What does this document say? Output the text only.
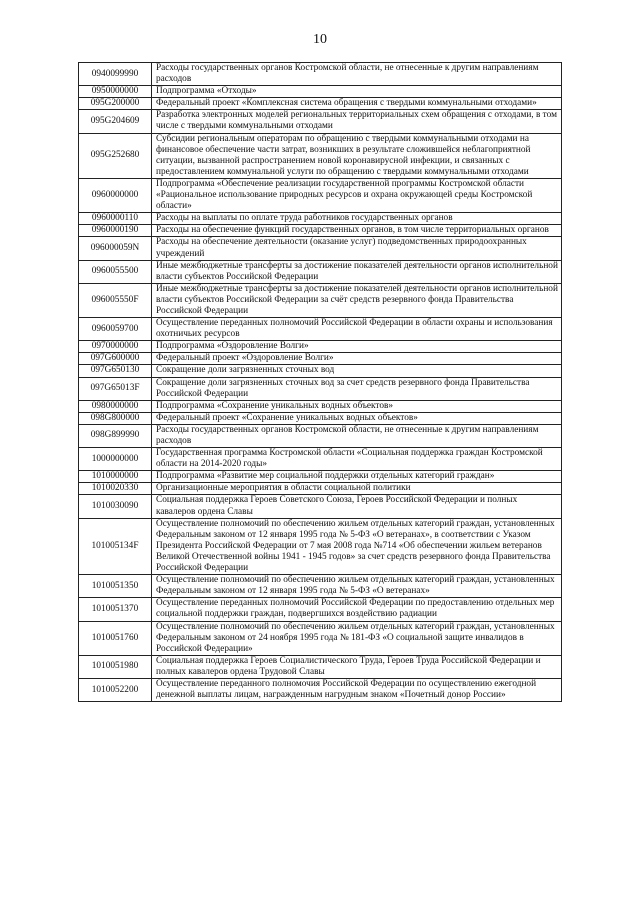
10
0940099990	Расходы государственных органов Костромской области, не отнесенные к другим направлениям расходов
0950000000	Подпрограмма «Отходы»
095G200000	Федеральный проект «Комплексная система обращения с твердыми коммунальными отходами»
095G204609	Разработка электронных моделей региональных территориальных схем обращения с отходами, в том числе с твердыми коммунальными отходами
095G252680	Субсидии региональным операторам по обращению с твердыми коммунальными отходами на финансовое обеспечение части затрат, возникших в результате сложившейся неблагоприятной ситуации, вызванной распространением новой коронавирусной инфекции, и связанных с предоставлением коммунальной услуги по обращению с твердыми коммунальными отходами
0960000000	Подпрограмма «Обеспечение реализации государственной программы Костромской области «Рациональное использование природных ресурсов и охрана окружающей среды Костромской области»
0960000110	Расходы на выплаты по оплате труда работников государственных органов
0960000190	Расходы на обеспечение функций государственных органов, в том числе территориальных органов
096000059N	Расходы на обеспечение деятельности (оказание услуг) подведомственных природоохранных учреждений
0960055500	Иные межбюджетные трансферты за достижение показателей деятельности органов исполнительной власти субъектов Российской Федерации
096005550F	Иные межбюджетные трансферты за достижение показателей деятельности органов исполнительной власти субъектов Российской Федерации за счёт средств резервного фонда Правительства Российской Федерации
0960059700	Осуществление переданных полномочий Российской Федерации в области охраны и использования охотничьих ресурсов
0970000000	Подпрограмма «Оздоровление Волги»
097G600000	Федеральный проект «Оздоровление Волги»
097G650130	Сокращение доли загрязненных сточных вод
097G65013F	Сокращение доли загрязненных сточных вод за счет средств резервного фонда Правительства Российской Федерации
0980000000	Подпрограмма «Сохранение уникальных водных объектов»
098G800000	Федеральный проект «Сохранение уникальных водных объектов»
098G899990	Расходы государственных органов Костромской области, не отнесенные к другим направлениям расходов
1000000000	Государственная программа Костромской области «Социальная поддержка граждан Костромской области на 2014-2020 годы»
1010000000	Подпрограмма «Развитие мер социальной поддержки отдельных категорий граждан»
1010020330	Организационные мероприятия в области социальной политики
1010030090	Социальная поддержка Героев Советского Союза, Героев Российской Федерации и полных кавалеров ордена Славы
101005134F	Осуществление полномочий по обеспечению жильем отдельных категорий граждан, установленных Федеральным законом от 12 января 1995 года № 5-ФЗ «О ветеранах», в соответствии с Указом Президента Российской Федерации от 7 мая 2008 года №714 «Об обеспечении жильем ветеранов Великой Отечественной войны 1941 - 1945 годов» за счет средств резервного фонда Правительства Российской Федерации
1010051350	Осуществление полномочий по обеспечению жильем отдельных категорий граждан, установленных Федеральным законом от 12 января 1995 года № 5-ФЗ «О ветеранах»
1010051370	Осуществление переданных полномочий Российской Федерации по предоставлению отдельных мер социальной поддержки граждан, подвергшихся воздействию радиации
1010051760	Осуществление полномочий по обеспечению жильем отдельных категорий граждан, установленных Федеральным законом от 24 ноября 1995 года № 181-ФЗ «О социальной защите инвалидов в Российской Федерации»
1010051980	Социальная поддержка Героев Социалистического Труда, Героев Труда Российской Федерации и полных кавалеров ордена Трудовой Славы
1010052200	Осуществление переданного полномочия Российской Федерации по осуществлению ежегодной денежной выплаты лицам, награжденным нагрудным знаком «Почетный донор России»
